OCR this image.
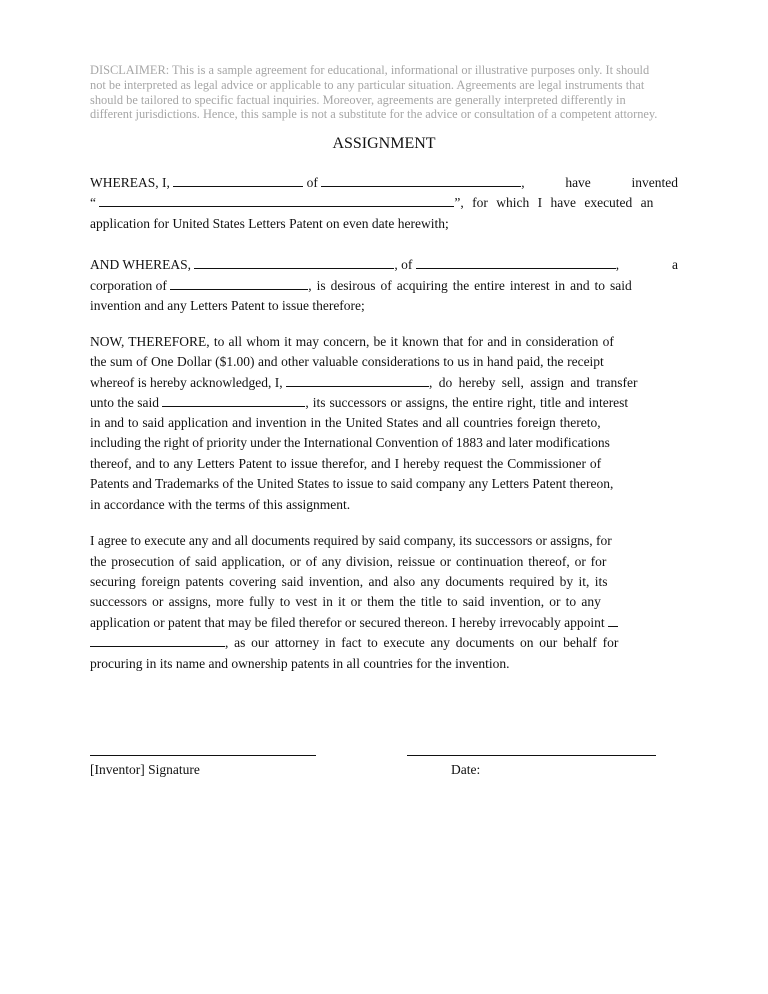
DISCLAIMER: This is a sample agreement for educational, informational or illustrative purposes only. It should
not be interpreted as legal advice or applicable to any particular situation. Agreements are legal instruments that
should be tailored to specific factual inquiries. Moreover, agreements are generally interpreted differently in
different jurisdictions. Hence, this sample is not a substitute for the advice or consultation of a competent attorney.
ASSIGNMENT
WHEREAS, I,	of	,	have	invented
“	”, for which I have executed an
application for United States Letters Patent on even date herewith;
AND WHEREAS,	, of	,	a
corporation of	, is desirous of acquiring the entire interest in and to said
invention and any Letters Patent to issue therefore;
NOW, THEREFORE, to all whom it may concern, be it known that for and in consideration of
the sum of One Dollar ($1.00) and other valuable considerations to us in hand paid, the receipt
whereof is hereby acknowledged, I,	, do hereby sell, assign and transfer
unto the said	, its successors or assigns, the entire right, title and interest
in and to said application and invention in the United States and all countries foreign thereto,
including the right of priority under the International Convention of 1883 and later modifications
thereof, and to any Letters Patent to issue therefor, and I hereby request the Commissioner of
Patents and Trademarks of the United States to issue to said company any Letters Patent thereon,
in accordance with the terms of this assignment.
I agree to execute any and all documents required by said company, its successors or assigns, for
the prosecution of said application, or of any division, reissue or continuation thereof, or for
securing foreign patents covering said invention, and also any documents required by it, its
successors or assigns, more fully to vest in it or them the title to said invention, or to any
application or patent that may be filed therefor or secured thereon. I hereby irrevocably appoint
, as our attorney in fact to execute any documents on our behalf for
procuring in its name and ownership patents in all countries for the invention.
[Inventor] Signature	Date:
